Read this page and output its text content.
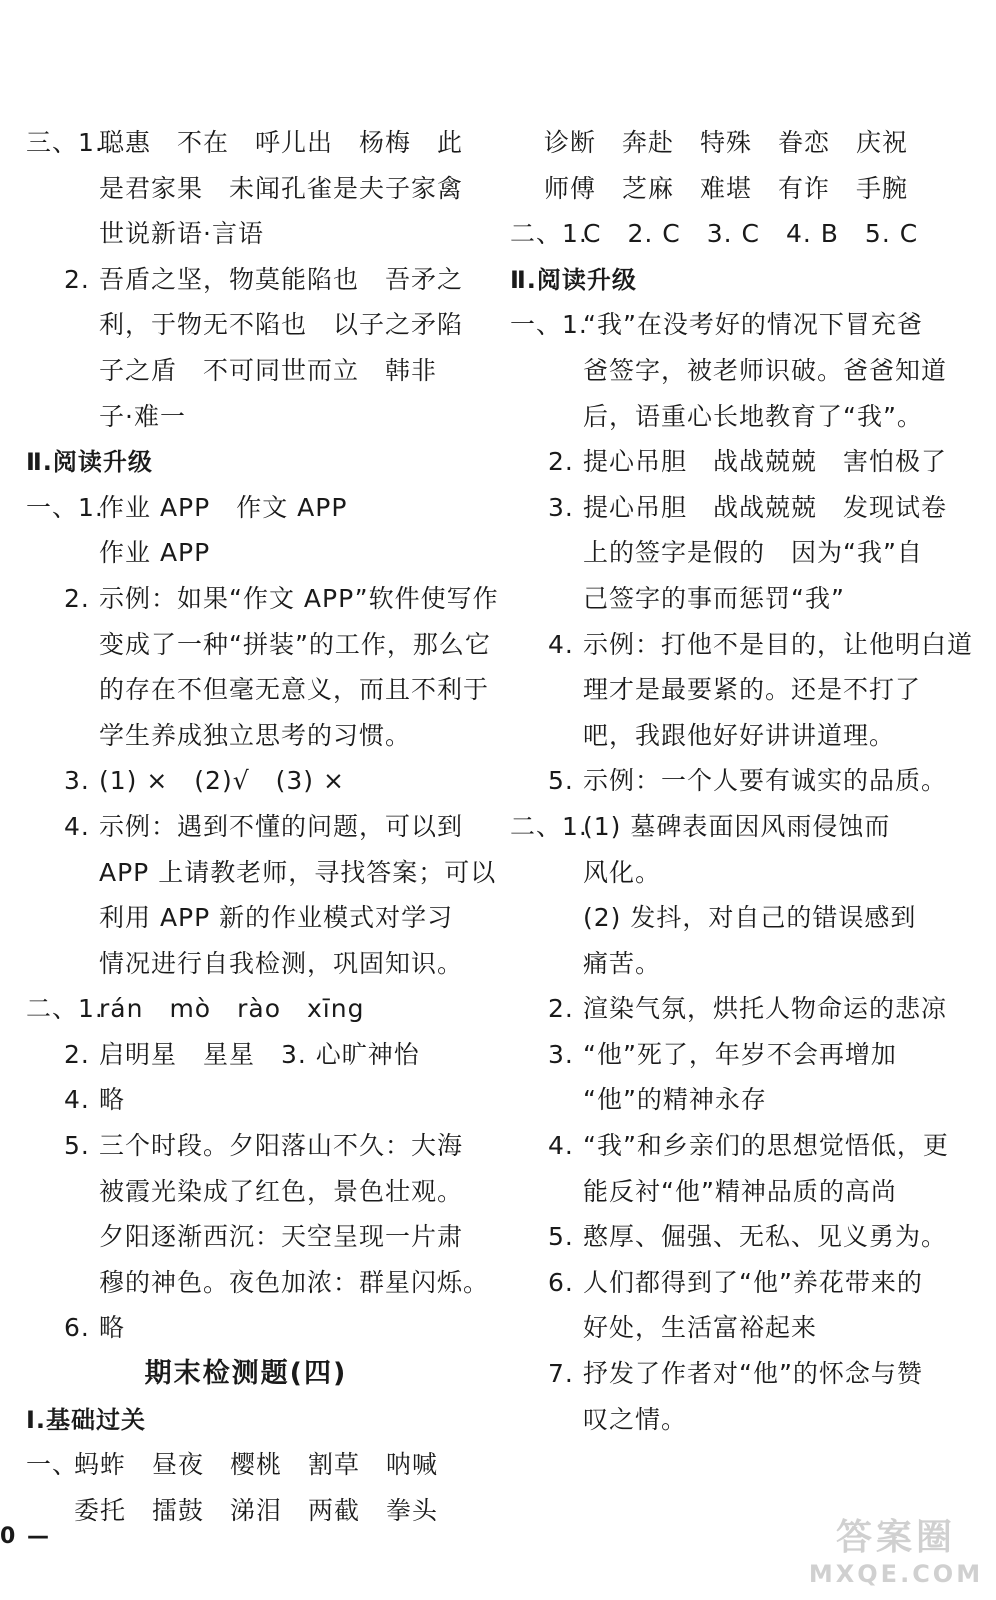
三、1.
聪惠　不在　呼儿出　杨梅　此
是君家果　未闻孔雀是夫子家禽
世说新语·言语
2. 吾盾之坚，物莫能陷也　吾矛之
利，于物无不陷也　以子之矛陷
子之盾　不可同世而立　韩非
子·难一
Ⅱ.阅读升级
一、1.
作业 APP　作文 APP
作业 APP
2. 示例：如果“作文 APP”软件使写作
变成了一种“拼装”的工作，那么它
的存在不但毫无意义，而且不利于
学生养成独立思考的习惯。
3. (1) ×　(2)√　(3) ×
4. 示例：遇到不懂的问题，可以到
APP 上请教老师，寻找答案；可以
利用 APP 新的作业模式对学习
情况进行自我检测，巩固知识。
二、1.
rán　mò　rào　xīng
2. 启明星　星星　3. 心旷神怡
4. 略
5. 三个时段。夕阳落山不久：大海
被霞光染成了红色，景色壮观。
夕阳逐渐西沉：天空呈现一片肃
穆的神色。夜色加浓：群星闪烁。
6. 略
期末检测题(四)
Ⅰ.基础过关
一、
蚂蚱　昼夜　樱桃　割草　呐喊
委托　擂鼓　涕泪　两截　拳头
诊断　奔赴　特殊　眷恋　庆祝
师傅　芝麻　难堪　有诈　手腕
二、1.
C　2. C　3. C　4. B　5. C
Ⅱ.阅读升级
一、1.
“我”在没考好的情况下冒充爸
爸签字，被老师识破。爸爸知道
后，语重心长地教育了“我”。
2. 提心吊胆　战战兢兢　害怕极了
3. 提心吊胆　战战兢兢　发现试卷
上的签字是假的　因为“我”自
己签字的事而惩罚“我”
4. 示例：打他不是目的，让他明白道
理才是最要紧的。还是不打了
吧，我跟他好好讲讲道理。
5. 示例：一个人要有诚实的品质。
二、1.
(1) 墓碑表面因风雨侵蚀而
风化。
(2) 发抖，对自己的错误感到
痛苦。
2. 渲染气氛，烘托人物命运的悲凉
3. “他”死了，年岁不会再增加
“他”的精神永存
4. “我”和乡亲们的思想觉悟低，更
能反衬“他”精神品质的高尚
5. 憨厚、倔强、无私、见义勇为。
6. 人们都得到了“他”养花带来的
好处，生活富裕起来
7. 抒发了作者对“他”的怀念与赞
叹之情。
0 —	答案圈
MXQE.COM
